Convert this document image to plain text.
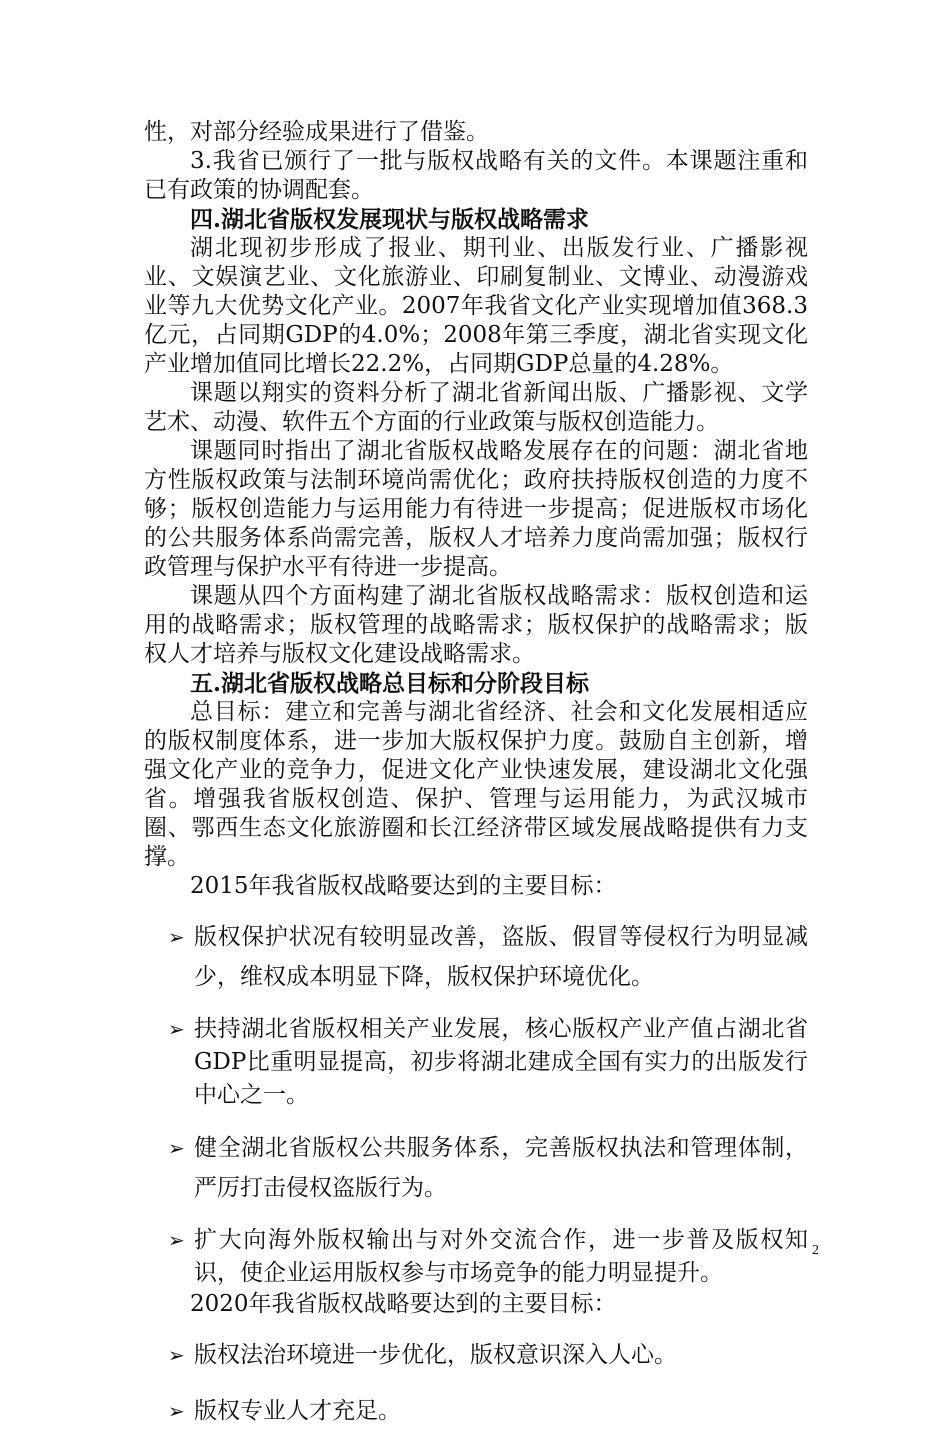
性，对部分经验成果进行了借鉴。

3.我省已颁行了一批与版权战略有关的文件。本课题注重和已有政策的协调配套。

四.湖北省版权发展现状与版权战略需求

湖北现初步形成了报业、期刊业、出版发行业、广播影视业、文娱演艺业、文化旅游业、印刷复制业、文博业、动漫游戏业等九大优势文化产业。2007年我省文化产业实现增加值368.3亿元，占同期GDP的4.0%；2008年第三季度，湖北省实现文化产业增加值同比增长22.2%，占同期GDP总量的4.28%。

课题以翔实的资料分析了湖北省新闻出版、广播影视、文学艺术、动漫、软件五个方面的行业政策与版权创造能力。

课题同时指出了湖北省版权战略发展存在的问题：湖北省地方性版权政策与法制环境尚需优化；政府扶持版权创造的力度不够；版权创造能力与运用能力有待进一步提高；促进版权市场化的公共服务体系尚需完善，版权人才培养力度尚需加强；版权行政管理与保护水平有待进一步提高。

课题从四个方面构建了湖北省版权战略需求：版权创造和运用的战略需求；版权管理的战略需求；版权保护的战略需求；版权人才培养与版权文化建设战略需求。

五.湖北省版权战略总目标和分阶段目标

总目标：建立和完善与湖北省经济、社会和文化发展相适应的版权制度体系，进一步加大版权保护力度。鼓励自主创新，增强文化产业的竞争力，促进文化产业快速发展，建设湖北文化强省。增强我省版权创造、保护、管理与运用能力，为武汉城市圈、鄂西生态文化旅游圈和长江经济带区域发展战略提供有力支撑。

2015年我省版权战略要达到的主要目标：

➢ 版权保护状况有较明显改善，盗版、假冒等侵权行为明显减少，维权成本明显下降，版权保护环境优化。
➢ 扶持湖北省版权相关产业发展，核心版权产业产值占湖北省GDP比重明显提高，初步将湖北建成全国有实力的出版发行中心之一。
➢ 健全湖北省版权公共服务体系，完善版权执法和管理体制，严厉打击侵权盗版行为。
➢ 扩大向海外版权输出与对外交流合作，进一步普及版权知识，使企业运用版权参与市场竞争的能力明显提升。

2020年我省版权战略要达到的主要目标：

➢ 版权法治环境进一步优化，版权意识深入人心。
➢ 版权专业人才充足。
2
